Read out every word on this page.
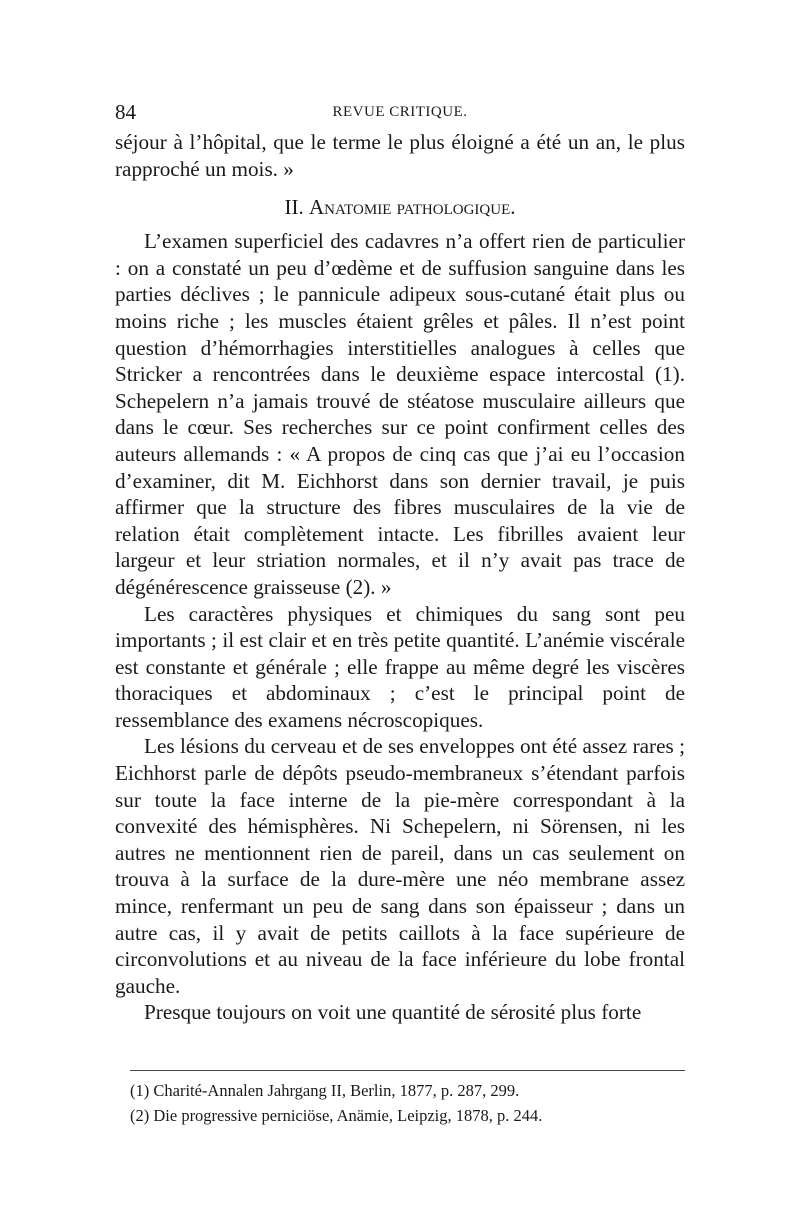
84	REVUE CRITIQUE.

séjour à l’hôpital, que le terme le plus éloigné a été un an, le plus rapproché un mois. »

II. Anatomie pathologique.

L’examen superficiel des cadavres n’a offert rien de particulier : on a constaté un peu d’œdème et de suffusion sanguine dans les parties déclives ; le pannicule adipeux sous-cutané était plus ou moins riche ; les muscles étaient grêles et pâles. Il n’est point question d’hémorrhagies interstitielles analogues à celles que Stricker a rencontrées dans le deuxième espace intercostal (1). Schepelern n’a jamais trouvé de stéatose musculaire ailleurs que dans le cœur. Ses recherches sur ce point confirment celles des auteurs allemands : « A propos de cinq cas que j’ai eu l’occasion d’examiner, dit M. Eichhorst dans son dernier travail, je puis affirmer que la structure des fibres musculaires de la vie de relation était complètement intacte. Les fibrilles avaient leur largeur et leur striation normales, et il n’y avait pas trace de dégénérescence graisseuse (2). »

Les caractères physiques et chimiques du sang sont peu importants ; il est clair et en très petite quantité. L’anémie viscérale est constante et générale ; elle frappe au même degré les viscères thoraciques et abdominaux ; c’est le principal point de ressemblance des examens nécroscopiques.

Les lésions du cerveau et de ses enveloppes ont été assez rares ; Eichhorst parle de dépôts pseudo-membraneux s’étendant parfois sur toute la face interne de la pie-mère correspondant à la convexité des hémisphères. Ni Schepelern, ni Sörensen, ni les autres ne mentionnent rien de pareil, dans un cas seulement on trouva à la surface de la dure-mère une néo membrane assez mince, renfermant un peu de sang dans son épaisseur ; dans un autre cas, il y avait de petits caillots à la face supérieure de circonvolutions et au niveau de la face inférieure du lobe frontal gauche.

Presque toujours on voit une quantité de sérosité plus forte

(1) Charité-Annalen Jahrgang II, Berlin, 1877, p. 287, 299.
(2) Die progressive perniciöse, Anämie, Leipzig, 1878, p. 244.
